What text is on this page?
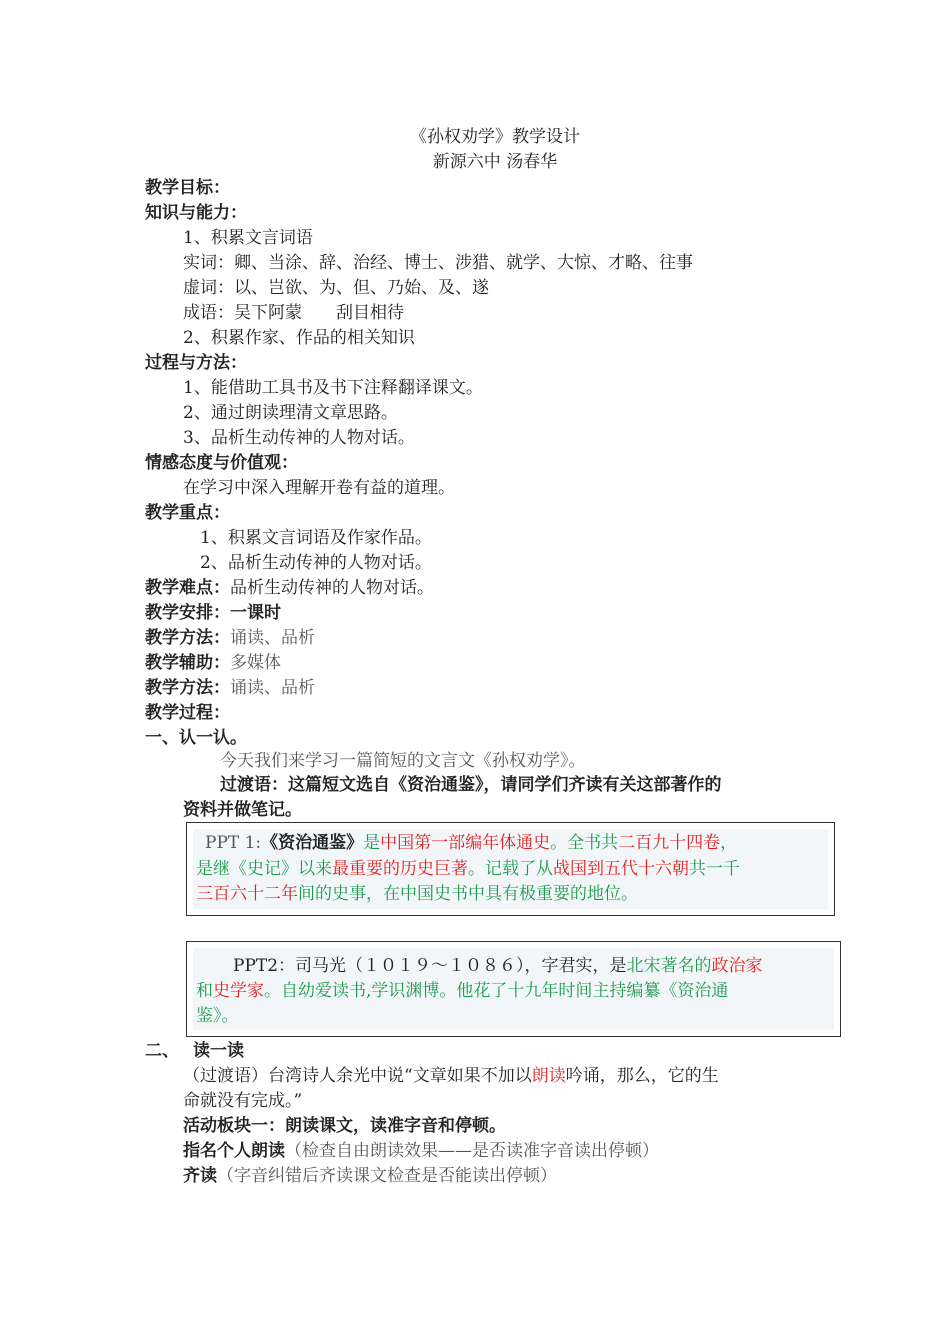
《孙权劝学》教学设计
新源六中 汤春华
教学目标：
知识与能力：
1、积累文言词语
实词：卿、当涂、辞、治经、博士、涉猎、就学、大惊、才略、往事
虚词：以、岂欲、为、但、乃始、及、遂
成语：吴下阿蒙　　刮目相待
2、积累作家、作品的相关知识
过程与方法：
1、能借助工具书及书下注释翻译课文。
2、通过朗读理清文章思路。
3、品析生动传神的人物对话。
情感态度与价值观：
在学习中深入理解开卷有益的道理。
教学重点：
1、积累文言词语及作家作品。
2、品析生动传神的人物对话。
教学难点：品析生动传神的人物对话。
教学安排：一课时
教学方法：诵读、品析
教学辅助：多媒体
教学方法：诵读、品析
教学过程：
一、认一认。
今天我们来学习一篇简短的文言文《孙权劝学》。
过渡语：这篇短文选自《资治通鉴》，请同学们齐读有关这部著作的
资料并做笔记。
PPT 1:《资治通鉴》是中国第一部编年体通史。全书共二百九十四卷，
是继《史记》以来最重要的历史巨著。记载了从战国到五代十六朝共一千
三百六十二年间的史事，在中国史书中具有极重要的地位。
PPT2：司马光（１０１９～１０８６），字君实，是北宋著名的政治家
和史学家。自幼爱读书,学识渊博。他花了十九年时间主持编纂《资治通
鉴》。
二、 读一读
（过渡语）台湾诗人余光中说“文章如果不加以朗读吟诵，那么，它的生
命就没有完成。”
活动板块一：朗读课文，读准字音和停顿。
指名个人朗读（检查自由朗读效果——是否读准字音读出停顿）
齐读（字音纠错后齐读课文检查是否能读出停顿）
